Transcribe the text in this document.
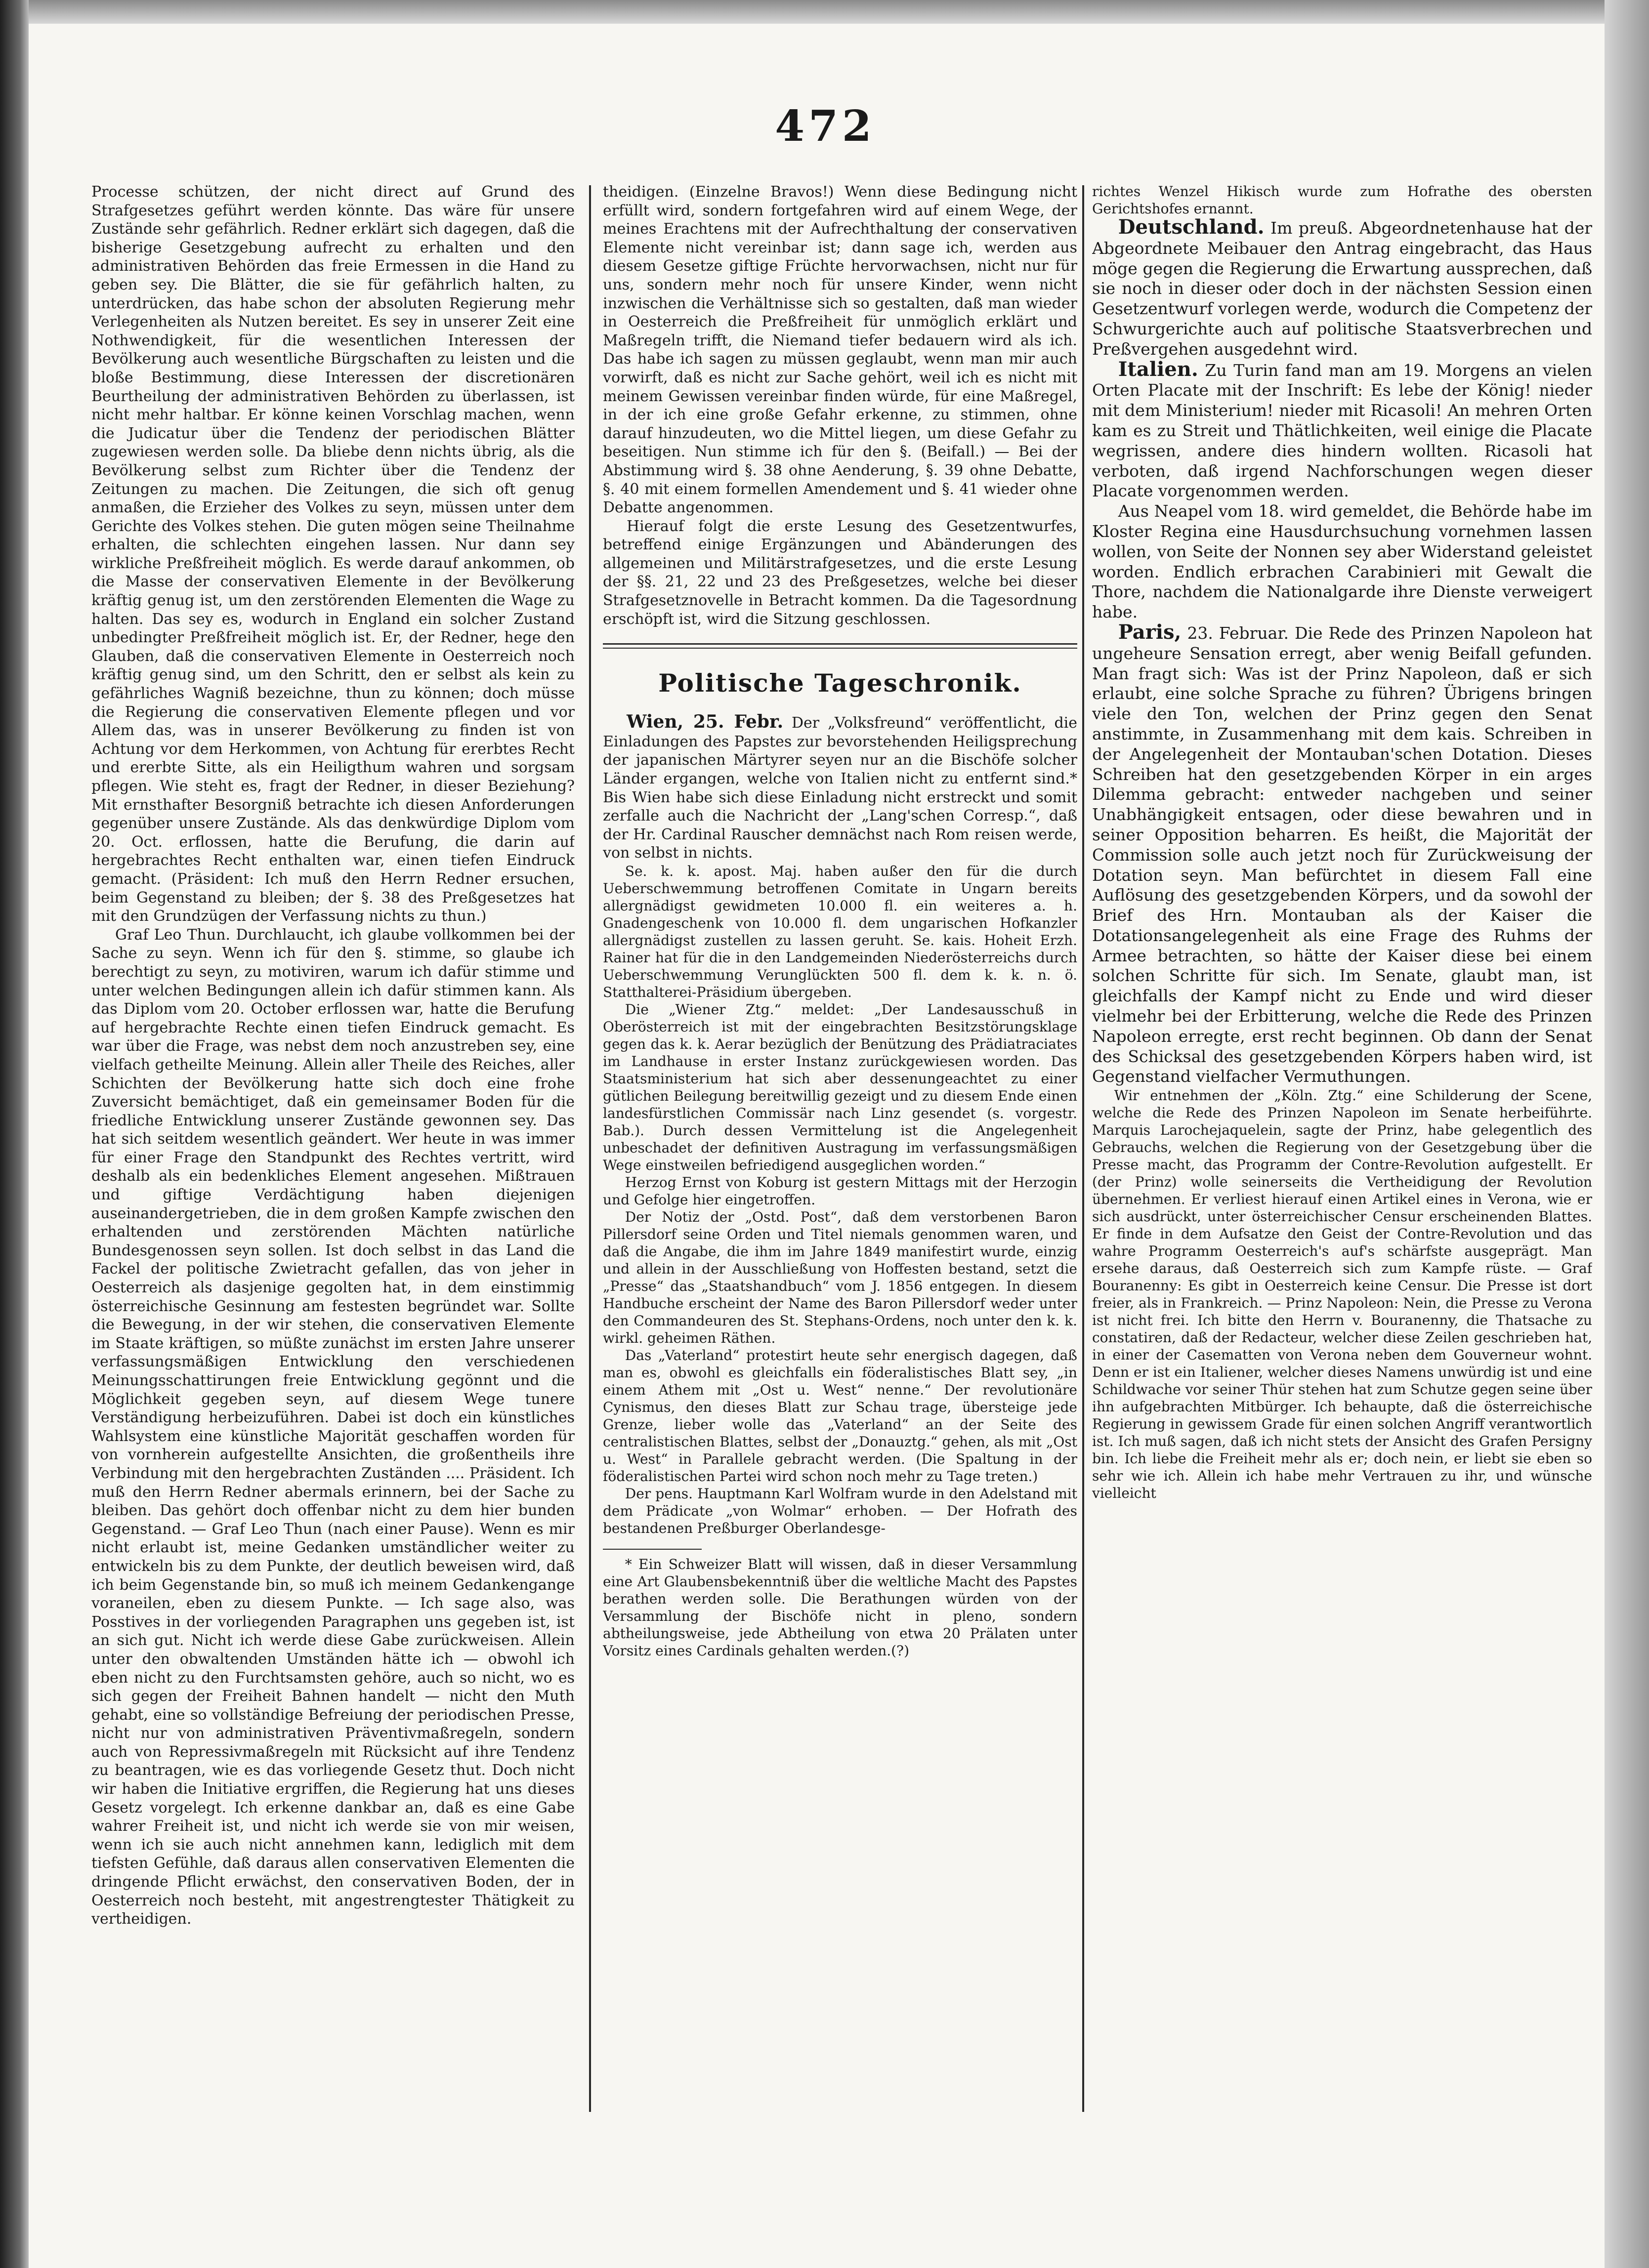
472

Processe schützen, der nicht direct auf Grund des Strafgesetzes geführt werden könnte. Das wäre für unsere Zustände sehr gefährlich. Redner erklärt sich dagegen, daß die bisherige Gesetzgebung aufrecht zu erhalten und den administrativen Behörden das freie Ermessen in die Hand zu geben sey. Die Blätter, die sie für gefährlich halten, zu unterdrücken, das habe schon der absoluten Regierung mehr Verlegenheiten als Nutzen bereitet. Es sey in unserer Zeit eine Nothwendigkeit, für die wesentlichen Interessen der Bevölkerung auch wesentliche Bürgschaften zu leisten und die bloße Bestimmung, diese Interessen der discretionären Beurtheilung der administrativen Behörden zu überlassen, ist nicht mehr haltbar. Er könne keinen Vorschlag machen, wenn die Judicatur über die Tendenz der periodischen Blätter zugewiesen werden solle. Da bliebe denn nichts übrig, als die Bevölkerung selbst zum Richter über die Tendenz der Zeitungen zu machen. Die Zeitungen, die sich oft genug anmaßen, die Erzieher des Volkes zu seyn, müssen unter dem Gerichte des Volkes stehen. Die guten mögen seine Theilnahme erhalten, die schlechten eingehen lassen. Nur dann sey wirkliche Preßfreiheit möglich. Es werde darauf ankommen, ob die Masse der conservativen Elemente in der Bevölkerung kräftig genug ist, um den zerstörenden Elementen die Wage zu halten. Das sey es, wodurch in England ein solcher Zustand unbedingter Preßfreiheit möglich ist. Er, der Redner, hege den Glauben, daß die conservativen Elemente in Oesterreich noch kräftig genug sind, um den Schritt, den er selbst als kein zu gefährliches Wagniß bezeichne, thun zu können; doch müsse die Regierung die conservativen Elemente pflegen und vor Allem das, was in unserer Bevölkerung zu finden ist von Achtung vor dem Herkommen, von Achtung für ererbtes Recht und ererbte Sitte, als ein Heiligthum wahren und sorgsam pflegen. Wie steht es, fragt der Redner, in dieser Beziehung? Mit ernsthafter Besorgniß betrachte ich diesen Anforderungen gegenüber unsere Zustände. Als das denkwürdige Diplom vom 20. Oct. erflossen, hatte die Berufung, die darin auf hergebrachtes Recht enthalten war, einen tiefen Eindruck gemacht. (Präsident: Ich muß den Herrn Redner ersuchen, beim Gegenstand zu bleiben; der §. 38 des Preßgesetzes hat mit den Grundzügen der Verfassung nichts zu thun.)

Graf Leo Thun. Durchlaucht, ich glaube vollkommen bei der Sache zu seyn. Wenn ich für den §. stimme, so glaube ich berechtigt zu seyn, zu motiviren, warum ich dafür stimme und unter welchen Bedingungen allein ich dafür stimmen kann. Als das Diplom vom 20. October erflossen war, hatte die Berufung auf hergebrachte Rechte einen tiefen Eindruck gemacht. Es war über die Frage, was nebst dem noch anzustreben sey, eine vielfach getheilte Meinung. Allein aller Theile des Reiches, aller Schichten der Bevölkerung hatte sich doch eine frohe Zuversicht bemächtiget, daß ein gemeinsamer Boden für die friedliche Entwicklung unserer Zustände gewonnen sey. Das hat sich seitdem wesentlich geändert. Wer heute in was immer für einer Frage den Standpunkt des Rechtes vertritt, wird deshalb als ein bedenkliches Element angesehen. Mißtrauen und giftige Verdächtigung haben diejenigen auseinandergetrieben, die in dem großen Kampfe zwischen den erhaltenden und zerstörenden Mächten natürliche Bundesgenossen seyn sollen. Ist doch selbst in das Land die Fackel der politische Zwietracht gefallen, das von jeher in Oesterreich als dasjenige gegolten hat, in dem einstimmig österreichische Gesinnung am festesten begründet war. Sollte die Bewegung, in der wir stehen, die conservativen Elemente im Staate kräftigen, so müßte zunächst im ersten Jahre unserer verfassungsmäßigen Entwicklung den verschiedenen Meinungsschattirungen freie Entwicklung gegönnt und die Möglichkeit gegeben seyn, auf diesem Wege tunere Verständigung herbeizuführen. Dabei ist doch ein künstliches Wahlsystem eine künstliche Majorität geschaffen worden für von vornherein aufgestellte Ansichten, die großentheils ihre Verbindung mit den hergebrachten Zuständen .... Präsident. Ich muß den Herrn Redner abermals erinnern, bei der Sache zu bleiben. Das gehört doch offenbar nicht zu dem hier bunden Gegenstand. — Graf Leo Thun (nach einer Pause). Wenn es mir nicht erlaubt ist, meine Gedanken umständlicher weiter zu entwickeln bis zu dem Punkte, der deutlich beweisen wird, daß ich beim Gegenstande bin, so muß ich meinem Gedankengange voraneilen, eben zu diesem Punkte. — Ich sage also, was Posstives in der vorliegenden Paragraphen uns gegeben ist, ist an sich gut. Nicht ich werde diese Gabe zurückweisen. Allein unter den obwaltenden Umständen hätte ich — obwohl ich eben nicht zu den Furchtsamsten gehöre, auch so nicht, wo es sich gegen der Freiheit Bahnen handelt — nicht den Muth gehabt, eine so vollständige Befreiung der periodischen Presse, nicht nur von administrativen Präventivmaßregeln, sondern auch von Repressivmaßregeln mit Rücksicht auf ihre Tendenz zu beantragen, wie es das vorliegende Gesetz thut. Doch nicht wir haben die Initiative ergriffen, die Regierung hat uns dieses Gesetz vorgelegt. Ich erkenne dankbar an, daß es eine Gabe wahrer Freiheit ist, und nicht ich werde sie von mir weisen, wenn ich sie auch nicht annehmen kann, lediglich mit dem tiefsten Gefühle, daß daraus allen conservativen Elementen die dringende Pflicht erwächst, den conservativen Boden, der in Oesterreich noch besteht, mit angestrengtester Thätigkeit zu vertheidigen.

theidigen. (Einzelne Bravos!) Wenn diese Bedingung nicht erfüllt wird, sondern fortgefahren wird auf einem Wege, der meines Erachtens mit der Aufrechthaltung der conservativen Elemente nicht vereinbar ist; dann sage ich, werden aus diesem Gesetze giftige Früchte hervorwachsen, nicht nur für uns, sondern mehr noch für unsere Kinder, wenn nicht inzwischen die Verhältnisse sich so gestalten, daß man wieder in Oesterreich die Preßfreiheit für unmöglich erklärt und Maßregeln trifft, die Niemand tiefer bedauern wird als ich. Das habe ich sagen zu müssen geglaubt, wenn man mir auch vorwirft, daß es nicht zur Sache gehört, weil ich es nicht mit meinem Gewissen vereinbar finden würde, für eine Maßregel, in der ich eine große Gefahr erkenne, zu stimmen, ohne darauf hinzudeuten, wo die Mittel liegen, um diese Gefahr zu beseitigen. Nun stimme ich für den §. (Beifall.) — Bei der Abstimmung wird §. 38 ohne Aenderung, §. 39 ohne Debatte, §. 40 mit einem formellen Amendement und §. 41 wieder ohne Debatte angenommen.

Hierauf folgt die erste Lesung des Gesetzentwurfes, betreffend einige Ergänzungen und Abänderungen des allgemeinen und Militärstrafgesetzes, und die erste Lesung der §§. 21, 22 und 23 des Preßgesetzes, welche bei dieser Strafgesetznovelle in Betracht kommen. Da die Tagesordnung erschöpft ist, wird die Sitzung geschlossen.

Politische Tageschronik.

Wien, 25. Febr. Der „Volksfreund“ veröffentlicht, die Einladungen des Papstes zur bevorstehenden Heiligsprechung der japanischen Märtyrer seyen nur an die Bischöfe solcher Länder ergangen, welche von Italien nicht zu entfernt sind.* Bis Wien habe sich diese Einladung nicht erstreckt und somit zerfalle auch die Nachricht der „Lang'schen Corresp.“, daß der Hr. Cardinal Rauscher demnächst nach Rom reisen werde, von selbst in nichts.

Se. k. k. apost. Maj. haben außer den für die durch Ueberschwemmung betroffenen Comitate in Ungarn bereits allergnädigst gewidmeten 10.000 fl. ein weiteres a. h. Gnadengeschenk von 10.000 fl. dem ungarischen Hofkanzler allergnädigst zustellen zu lassen geruht. Se. kais. Hoheit Erzh. Rainer hat für die in den Landgemeinden Niederösterreichs durch Ueberschwemmung Verunglückten 500 fl. dem k. k. n. ö. Statthalterei-Präsidium übergeben.

Die „Wiener Ztg.“ meldet: „Der Landesausschuß in Oberösterreich ist mit der eingebrachten Besitzstörungsklage gegen das k. k. Aerar bezüglich der Benützung des Prädiatraciates im Landhause in erster Instanz zurückgewiesen worden. Das Staatsministerium hat sich aber dessenungeachtet zu einer gütlichen Beilegung bereitwillig gezeigt und zu diesem Ende einen landesfürstlichen Commissär nach Linz gesendet (s. vorgestr. Bab.). Durch dessen Vermittelung ist die Angelegenheit unbeschadet der definitiven Austragung im verfassungsmäßigen Wege einstweilen befriedigend ausgeglichen worden.“

Herzog Ernst von Koburg ist gestern Mittags mit der Herzogin und Gefolge hier eingetroffen.

Der Notiz der „Ostd. Post“, daß dem verstorbenen Baron Pillersdorf seine Orden und Titel niemals genommen waren, und daß die Angabe, die ihm im Jahre 1849 manifestirt wurde, einzig und allein in der Ausschließung von Hoffesten bestand, setzt die „Presse“ das „Staatshandbuch“ vom J. 1856 entgegen. In diesem Handbuche erscheint der Name des Baron Pillersdorf weder unter den Commandeuren des St. Stephans-Ordens, noch unter den k. k. wirkl. geheimen Räthen.

Das „Vaterland“ protestirt heute sehr energisch dagegen, daß man es, obwohl es gleichfalls ein föderalistisches Blatt sey, „in einem Athem mit „Ost u. West“ nenne.“ Der revolutionäre Cynismus, den dieses Blatt zur Schau trage, übersteige jede Grenze, lieber wolle das „Vaterland“ an der Seite des centralistischen Blattes, selbst der „Donauztg.“ gehen, als mit „Ost u. West“ in Parallele gebracht werden. (Die Spaltung in der föderalistischen Partei wird schon noch mehr zu Tage treten.)

Der pens. Hauptmann Karl Wolfram wurde in den Adelstand mit dem Prädicate „von Wolmar“ erhoben. — Der Hofrath des bestandenen Preßburger Oberlandesge-

* Ein Schweizer Blatt will wissen, daß in dieser Versammlung eine Art Glaubensbekenntniß über die weltliche Macht des Papstes berathen werden solle. Die Berathungen würden von der Versammlung der Bischöfe nicht in pleno, sondern abtheilungsweise, jede Abtheilung von etwa 20 Prälaten unter Vorsitz eines Cardinals gehalten werden.(?)

richtes Wenzel Hikisch wurde zum Hofrathe des obersten Gerichtshofes ernannt.

Deutschland. Im preuß. Abgeordnetenhause hat der Abgeordnete Meibauer den Antrag eingebracht, das Haus möge gegen die Regierung die Erwartung aussprechen, daß sie noch in dieser oder doch in der nächsten Session einen Gesetzentwurf vorlegen werde, wodurch die Competenz der Schwurgerichte auch auf politische Staatsverbrechen und Preßvergehen ausgedehnt wird.

Italien. Zu Turin fand man am 19. Morgens an vielen Orten Placate mit der Inschrift: Es lebe der König! nieder mit dem Ministerium! nieder mit Ricasoli! An mehren Orten kam es zu Streit und Thätlichkeiten, weil einige die Placate wegrissen, andere dies hindern wollten. Ricasoli hat verboten, daß irgend Nachforschungen wegen dieser Placate vorgenommen werden.

Aus Neapel vom 18. wird gemeldet, die Behörde habe im Kloster Regina eine Hausdurchsuchung vornehmen lassen wollen, von Seite der Nonnen sey aber Widerstand geleistet worden. Endlich erbrachen Carabinieri mit Gewalt die Thore, nachdem die Nationalgarde ihre Dienste verweigert habe.

Paris, 23. Februar. Die Rede des Prinzen Napoleon hat ungeheure Sensation erregt, aber wenig Beifall gefunden. Man fragt sich: Was ist der Prinz Napoleon, daß er sich erlaubt, eine solche Sprache zu führen? Übrigens bringen viele den Ton, welchen der Prinz gegen den Senat anstimmte, in Zusammenhang mit dem kais. Schreiben in der Angelegenheit der Montauban'schen Dotation. Dieses Schreiben hat den gesetzgebenden Körper in ein arges Dilemma gebracht: entweder nachgeben und seiner Unabhängigkeit entsagen, oder diese bewahren und in seiner Opposition beharren. Es heißt, die Majorität der Commission solle auch jetzt noch für Zurückweisung der Dotation seyn. Man befürchtet in diesem Fall eine Auflösung des gesetzgebenden Körpers, und da sowohl der Brief des Hrn. Montauban als der Kaiser die Dotationsangelegenheit als eine Frage des Ruhms der Armee betrachten, so hätte der Kaiser diese bei einem solchen Schritte für sich. Im Senate, glaubt man, ist gleichfalls der Kampf nicht zu Ende und wird dieser vielmehr bei der Erbitterung, welche die Rede des Prinzen Napoleon erregte, erst recht beginnen. Ob dann der Senat des Schicksal des gesetzgebenden Körpers haben wird, ist Gegenstand vielfacher Vermuthungen.

Wir entnehmen der „Köln. Ztg.“ eine Schilderung der Scene, welche die Rede des Prinzen Napoleon im Senate herbeiführte. Marquis Larochejaquelein, sagte der Prinz, habe gelegentlich des Gebrauchs, welchen die Regierung von der Gesetzgebung über die Presse macht, das Programm der Contre-Revolution aufgestellt. Er (der Prinz) wolle seinerseits die Vertheidigung der Revolution übernehmen. Er verliest hierauf einen Artikel eines in Verona, wie er sich ausdrückt, unter österreichischer Censur erscheinenden Blattes. Er finde in dem Aufsatze den Geist der Contre-Revolution und das wahre Programm Oesterreich's auf's schärfste ausgeprägt. Man ersehe daraus, daß Oesterreich sich zum Kampfe rüste. — Graf Bouranenny: Es gibt in Oesterreich keine Censur. Die Presse ist dort freier, als in Frankreich. — Prinz Napoleon: Nein, die Presse zu Verona ist nicht frei. Ich bitte den Herrn v. Bouranenny, die Thatsache zu constatiren, daß der Redacteur, welcher diese Zeilen geschrieben hat, in einer der Casematten von Verona neben dem Gouverneur wohnt. Denn er ist ein Italiener, welcher dieses Namens unwürdig ist und eine Schildwache vor seiner Thür stehen hat zum Schutze gegen seine über ihn aufgebrachten Mitbürger. Ich behaupte, daß die österreichische Regierung in gewissem Grade für einen solchen Angriff verantwortlich ist. Ich muß sagen, daß ich nicht stets der Ansicht des Grafen Persigny bin. Ich liebe die Freiheit mehr als er; doch nein, er liebt sie eben so sehr wie ich. Allein ich habe mehr Vertrauen zu ihr, und wünsche vielleicht
